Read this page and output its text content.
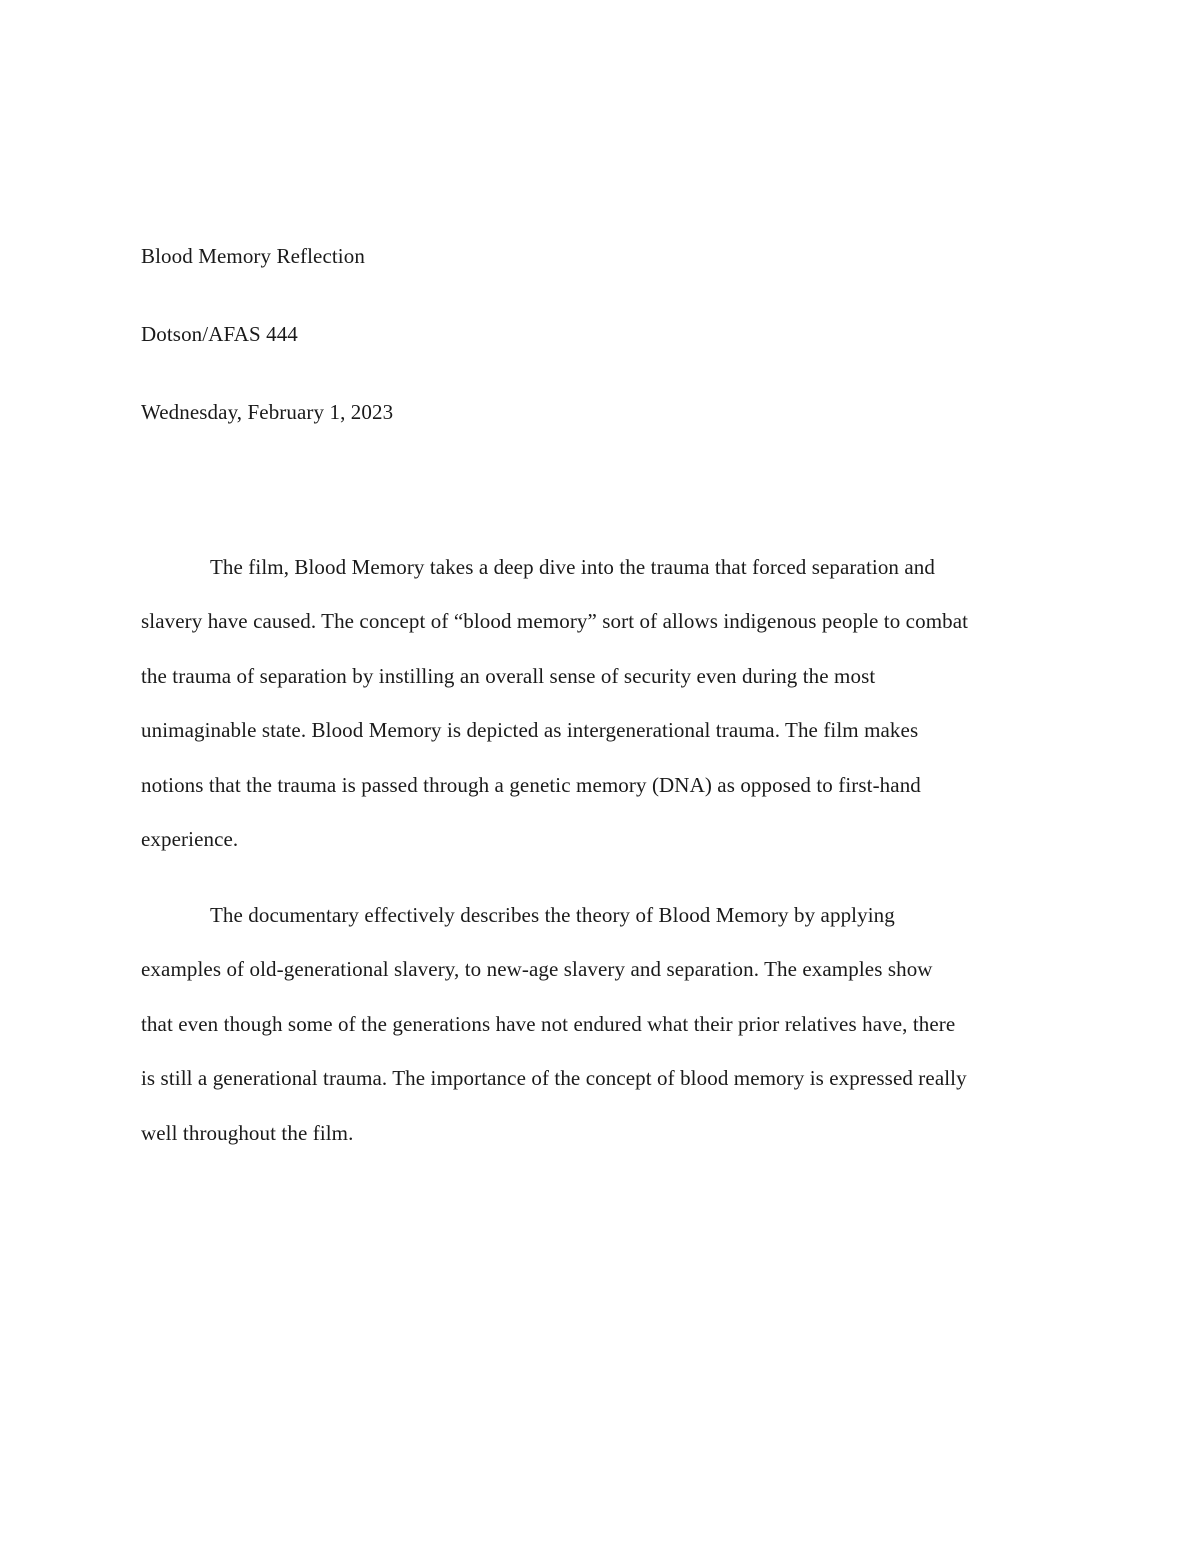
Blood Memory Reflection

Dotson/AFAS 444

Wednesday, February 1, 2023

The film, Blood Memory takes a deep dive into the trauma that forced separation and
slavery have caused. The concept of “blood memory” sort of allows indigenous people to combat
the trauma of separation by instilling an overall sense of security even during the most
unimaginable state. Blood Memory is depicted as intergenerational trauma. The film makes
notions that the trauma is passed through a genetic memory (DNA) as opposed to first-hand
experience.
The documentary effectively describes the theory of Blood Memory by applying
examples of old-generational slavery, to new-age slavery and separation. The examples show
that even though some of the generations have not endured what their prior relatives have, there
is still a generational trauma. The importance of the concept of blood memory is expressed really
well throughout the film.
